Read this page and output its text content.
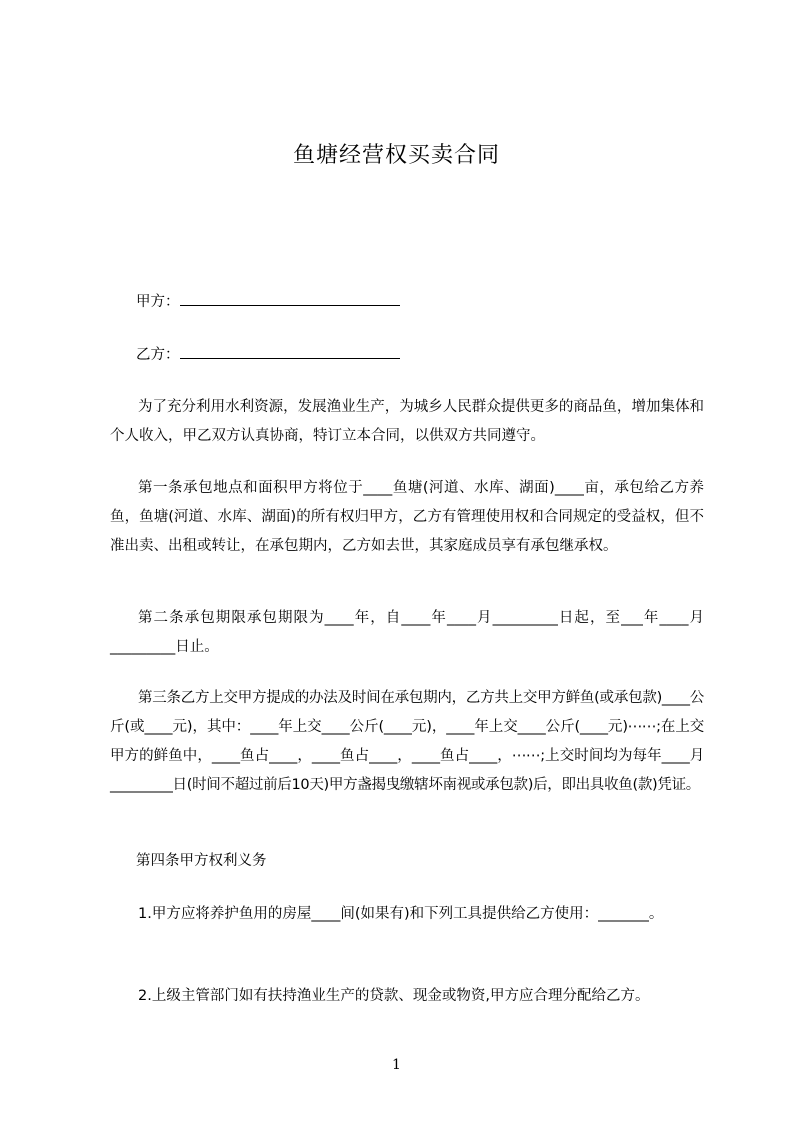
鱼塘经营权买卖合同
甲方：
乙方：

为了充分利用水利资源，发展渔业生产，为城乡人民群众提供更多的商品鱼，增加集体和个人收入，甲乙双方认真协商，特订立本合同，以供双方共同遵守。

第一条承包地点和面积甲方将位于____鱼塘(河道、水库、湖面)____亩，承包给乙方养鱼，鱼塘(河道、水库、湖面)的所有权归甲方，乙方有管理使用权和合同规定的受益权，但不准出卖、出租或转让，在承包期内，乙方如去世，其家庭成员享有承包继承权。

第二条承包期限承包期限为____年，自____年____月_________日起，至___年____月_________日止。

第三条乙方上交甲方提成的办法及时间在承包期内，乙方共上交甲方鲜鱼(或承包款)____公斤(或____元)，其中：____年上交____公斤(____元)，____年上交____公斤(____元)⋯⋯;在上交甲方的鲜鱼中，____鱼占____，____鱼占____，____鱼占____，⋯⋯;上交时间均为每年____月_________日(时间不超过前后10天)甲方盏揭曳缴辖坏南视或承包款)后，即出具收鱼(款)凭证。

第四条甲方权利义务

1.甲方应将养护鱼用的房屋____间(如果有)和下列工具提供给乙方使用：_______。

2.上级主管部门如有扶持渔业生产的贷款、现金或物资,甲方应合理分配给乙方。

1
